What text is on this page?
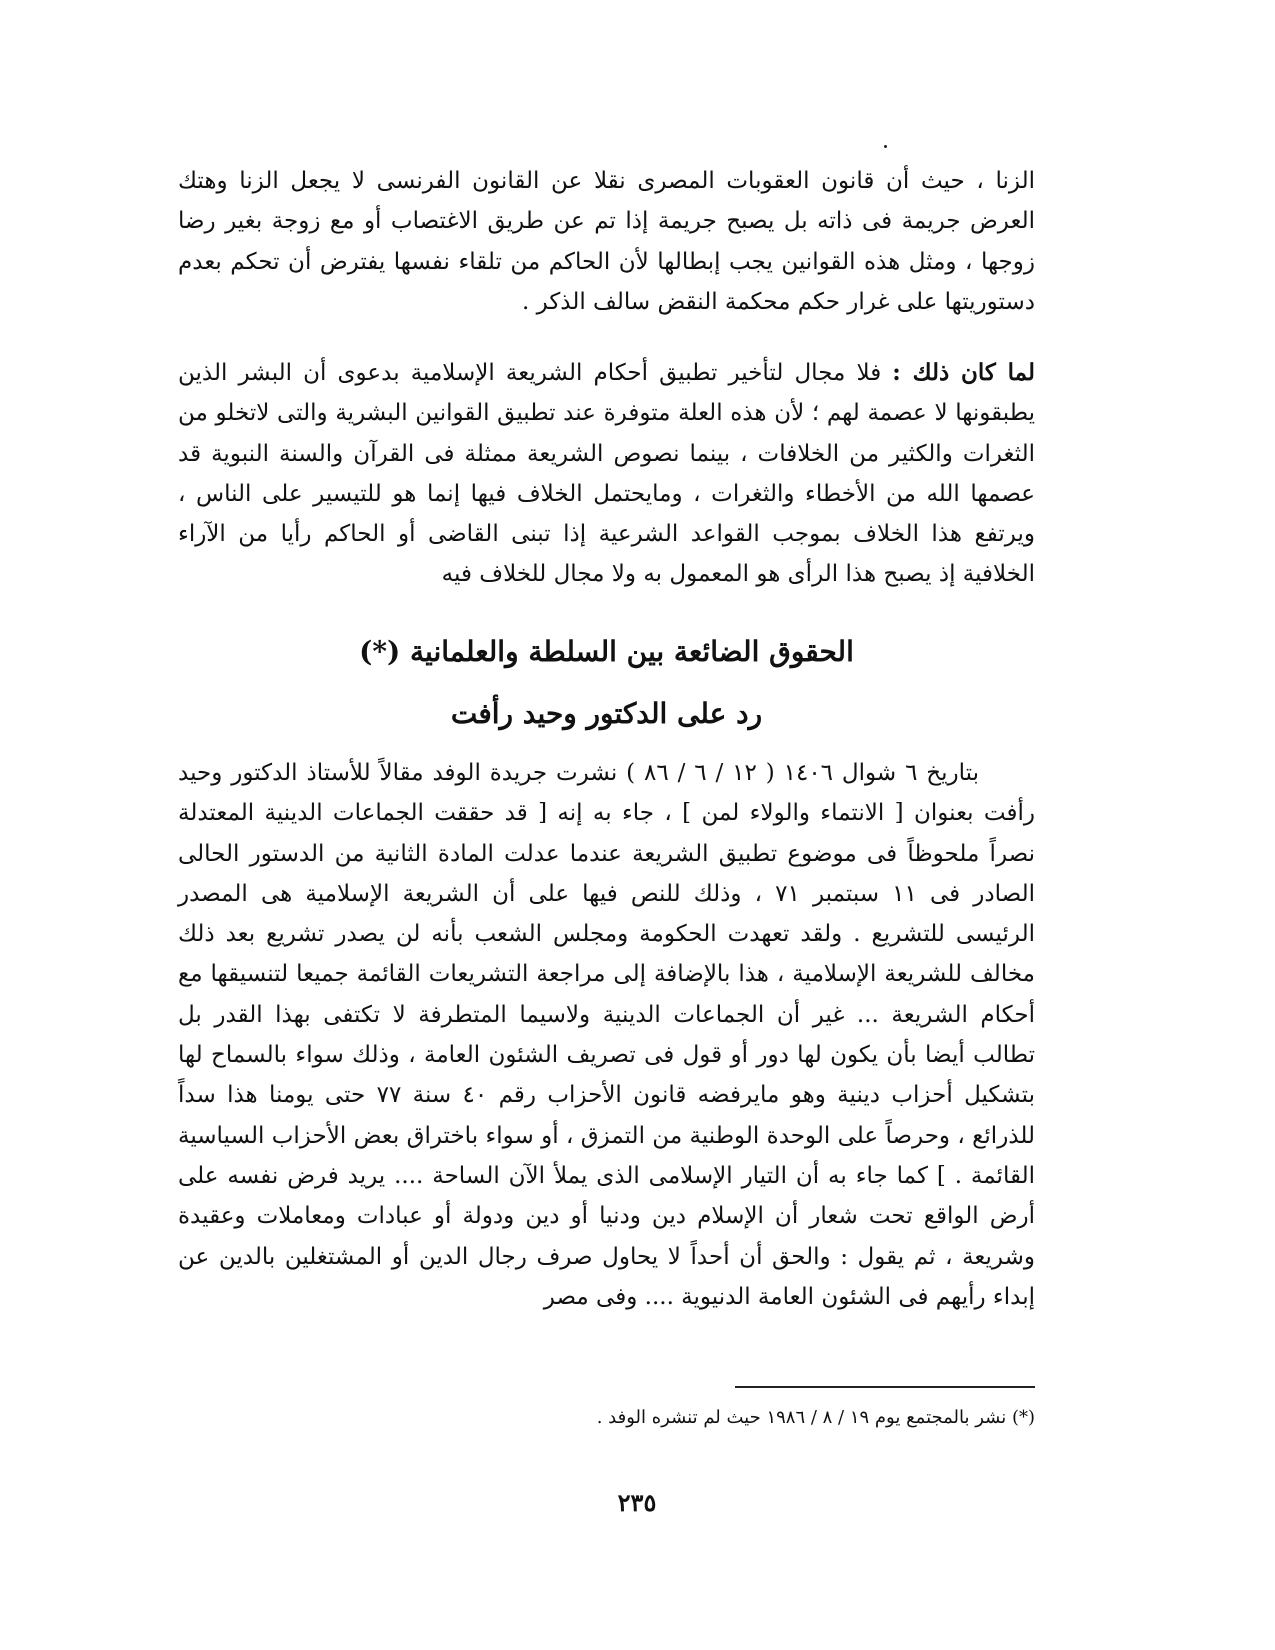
الزنا ، حيث أن قانون العقوبات المصرى نقلا عن القانون الفرنسى لا يجعل الزنا وهتك العرض جريمة فى ذاته بل يصبح جريمة إذا تم عن طريق الاغتصاب أو مع زوجة بغير رضا زوجها ، ومثل هذه القوانين يجب إبطالها لأن الحاكم من تلقاء نفسها يفترض أن تحكم بعدم دستوريتها على غرار حكم محكمة النقض سالف الذكر .

لما كان ذلك : فلا مجال لتأخير تطبيق أحكام الشريعة الإسلامية بدعوى أن البشر الذين يطبقونها لا عصمة لهم ؛ لأن هذه العلة متوفرة عند تطبيق القوانين البشرية والتى لاتخلو من الثغرات والكثير من الخلافات ، بينما نصوص الشريعة ممثلة فى القرآن والسنة النبوية قد عصمها الله من الأخطاء والثغرات ، ومايحتمل الخلاف فيها إنما هو للتيسير على الناس ، ويرتفع هذا الخلاف بموجب القواعد الشرعية إذا تبنى القاضى أو الحاكم رأيا من الآراء الخلافية إذ يصبح هذا الرأى هو المعمول به ولا مجال للخلاف فيه

الحقوق الضائعة بين السلطة والعلمانية (*)
رد على الدكتور وحيد رأفت

بتاريخ ٦ شوال ١٤٠٦ ( ١٢ / ٦ / ٨٦ ) نشرت جريدة الوفد مقالاً للأستاذ الدكتور وحيد رأفت بعنوان [ الانتماء والولاء لمن ] ، جاء به إنه [ قد حققت الجماعات الدينية المعتدلة نصراً ملحوظاً فى موضوع تطبيق الشريعة عندما عدلت المادة الثانية من الدستور الحالى الصادر فى ١١ سبتمبر ٧١ ، وذلك للنص فيها على أن الشريعة الإسلامية هى المصدر الرئيسى للتشريع . ولقد تعهدت الحكومة ومجلس الشعب بأنه لن يصدر تشريع بعد ذلك مخالف للشريعة الإسلامية ، هذا بالإضافة إلى مراجعة التشريعات القائمة جميعا لتنسيقها مع أحكام الشريعة ... غير أن الجماعات الدينية ولاسيما المتطرفة لا تكتفى بهذا القدر بل تطالب أيضا بأن يكون لها دور أو قول فى تصريف الشئون العامة ، وذلك سواء بالسماح لها بتشكيل أحزاب دينية وهو مايرفضه قانون الأحزاب رقم ٤٠ سنة ٧٧ حتى يومنا هذا سداً للذرائع ، وحرصاً على الوحدة الوطنية من التمزق ، أو سواء باختراق بعض الأحزاب السياسية القائمة . ] كما جاء به أن التيار الإسلامى الذى يملأ الآن الساحة .... يريد فرض نفسه على أرض الواقع تحت شعار أن الإسلام دين ودنيا أو دين ودولة أو عبادات ومعاملات وعقيدة وشريعة ، ثم يقول : والحق أن أحداً لا يحاول صرف رجال الدين أو المشتغلين بالدين عن إبداء رأيهم فى الشئون العامة الدنيوية .... وفى مصر

(*) نشر بالمجتمع يوم ١٩ / ٨ / ١٩٨٦ حيث لم تنشره الوفد .

٢٣٥
